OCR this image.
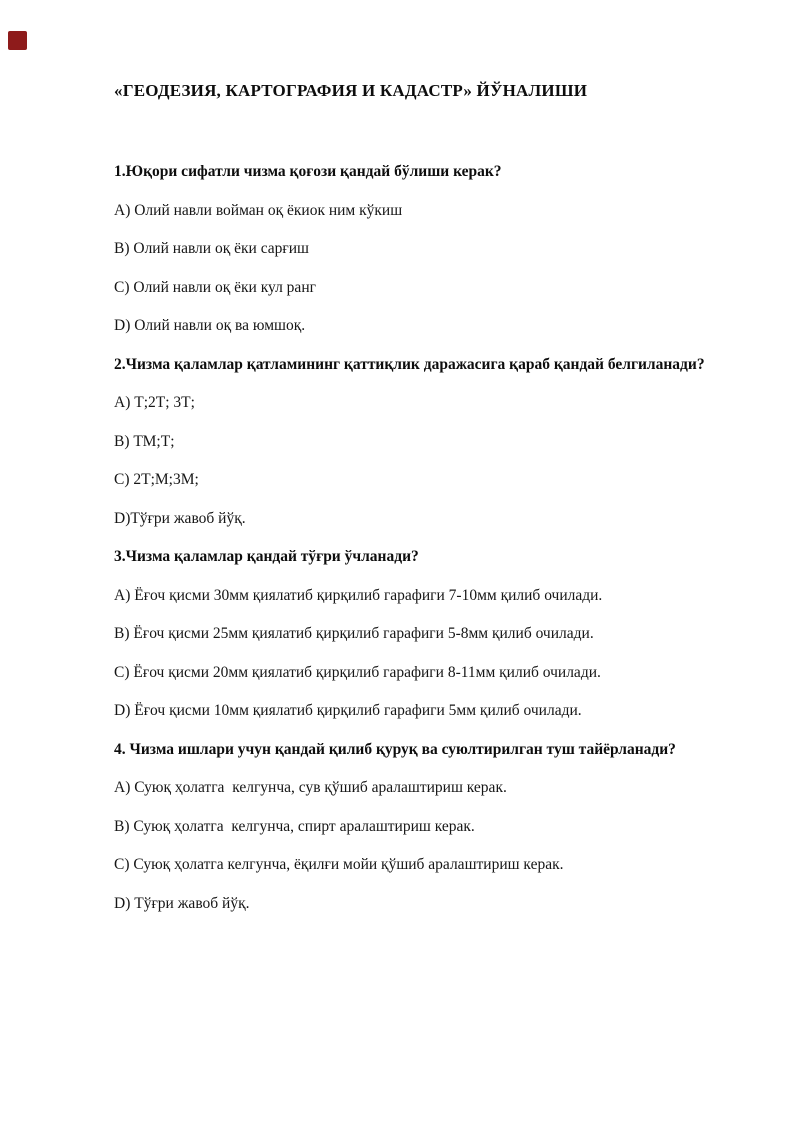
«ГЕОДЕЗИЯ, КАРТОГРАФИЯ И КАДАСТР» ЙЎНАЛИШИ

1.Юқори сифатли чизма қоғози қандай бўлиши керак?

A) Олий навли войман оқ ёкиок ним кўкиш

B) Олий навли оқ ёки сарғиш

C) Олий навли оқ ёки кул ранг

D) Олий навли оқ ва юмшоқ.

2.Чизма қаламлар қатламининг қаттиқлик даражасига қараб қандай белгиланади?

A) Т;2Т; 3Т;

B) ТМ;Т;

C) 2Т;М;3М;

D)Тўғри жавоб йўқ.

3.Чизма қаламлар қандай тўғри ўчланади?

A) Ёғоч қисми 30мм қиялатиб қирқилиб гарафиги 7-10мм қилиб очилади.

B) Ёғоч қисми 25мм қиялатиб қирқилиб гарафиги 5-8мм қилиб очилади.

C) Ёғоч қисми 20мм қиялатиб қирқилиб гарафиги 8-11мм қилиб очилади.

D) Ёғоч қисми 10мм қиялатиб қирқилиб гарафиги 5мм қилиб очилади.

4. Чизма ишлари учун қандай қилиб қуруқ ва суюлтирилган туш тайёрланади?

A) Суюқ ҳолатга  келгунча, сув қўшиб аралаштириш керак.

B) Суюқ ҳолатга  келгунча, спирт аралаштириш керак.

C) Суюқ ҳолатга келгунча, ёқилғи мойи қўшиб аралаштириш керак.

D) Тўғри жавоб йўқ.
